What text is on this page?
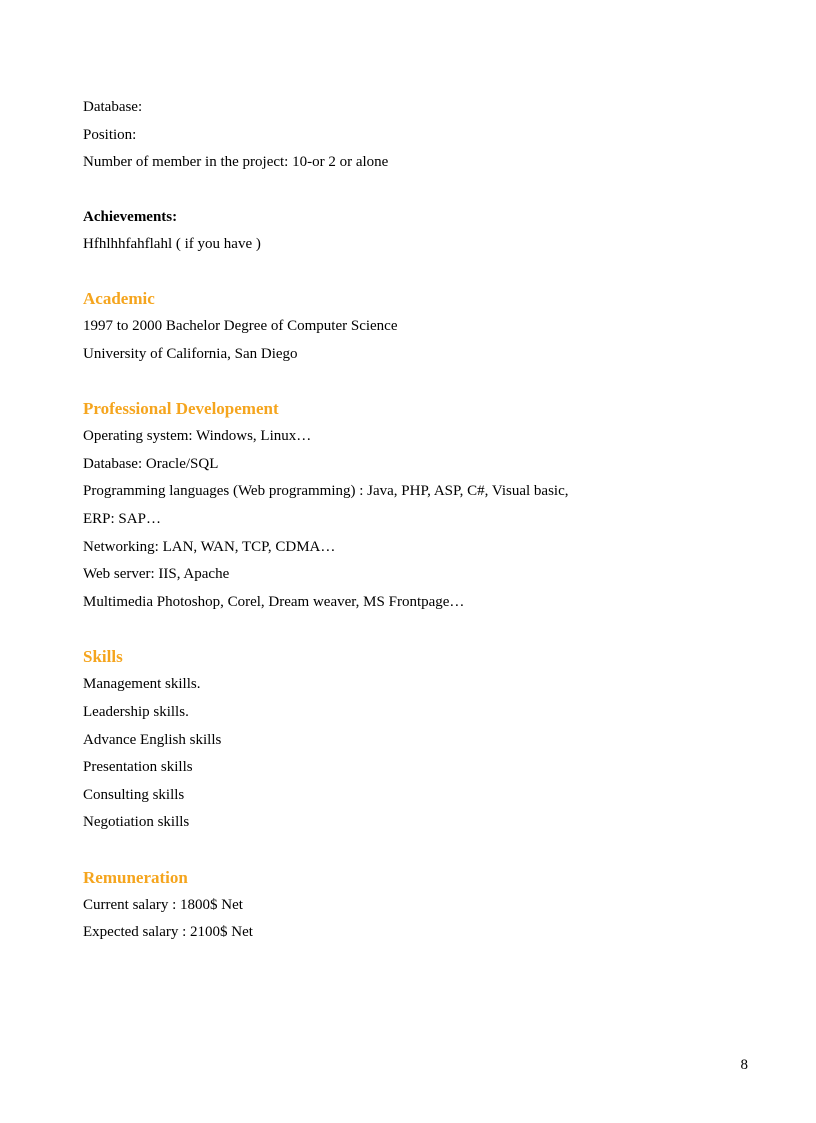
Database:

Position:

Number of member in the project: 10-or 2 or alone

Achievements:

Hfhlhhfahflahl ( if you have )

Academic

1997 to 2000 Bachelor Degree of Computer Science

University of California, San Diego

Professional Developement

Operating system: Windows, Linux…

Database: Oracle/SQL

Programming languages (Web programming) : Java, PHP, ASP, C#, Visual basic,

ERP: SAP…

Networking: LAN, WAN, TCP, CDMA…

Web server: IIS, Apache

Multimedia Photoshop, Corel, Dream weaver, MS Frontpage…

Skills

Management skills.

Leadership skills.

Advance English skills

Presentation skills

Consulting skills

Negotiation skills

Remuneration

Current salary : 1800$ Net

Expected salary : 2100$ Net

8
